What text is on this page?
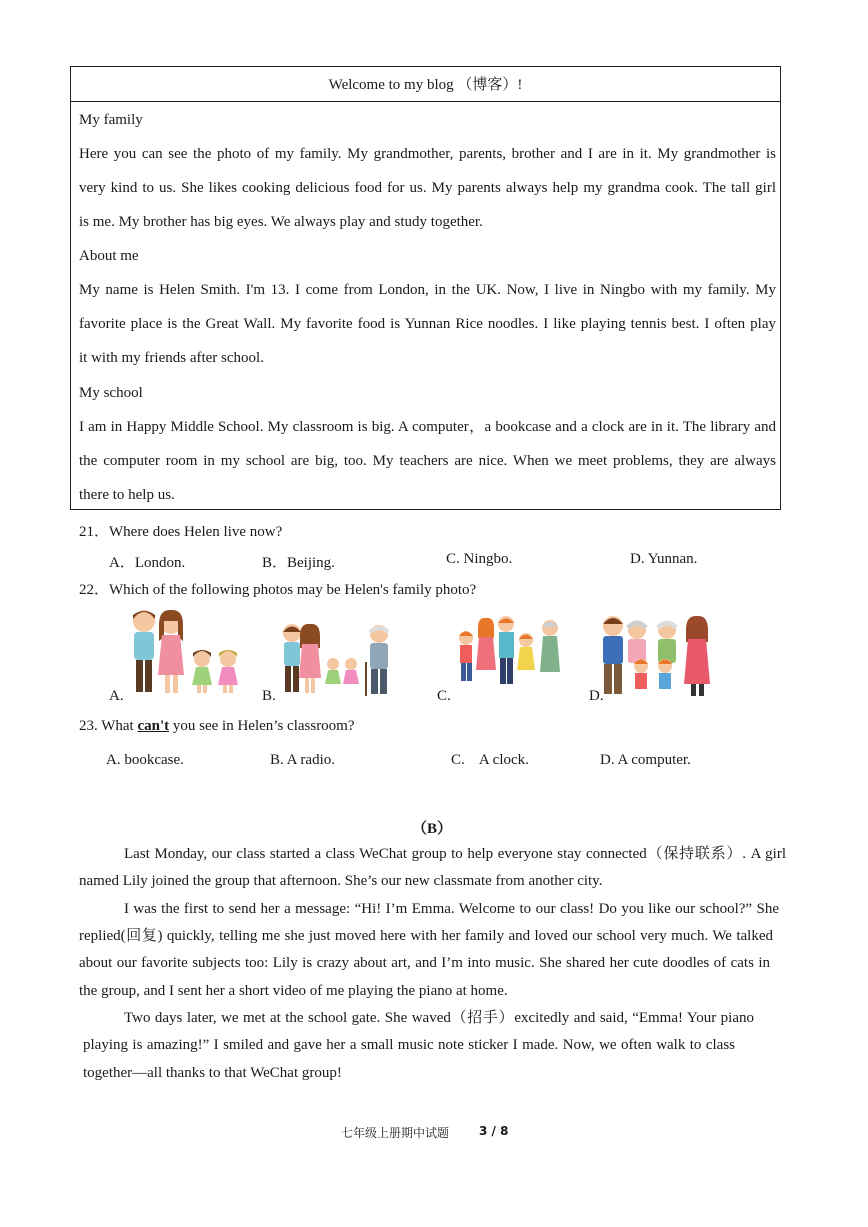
Welcome to my blog （博客）!
My family
Here you can see the photo of my family. My grandmother, parents, brother and I are in it. My grandmother is
very kind to us. She likes cooking delicious food for us. My parents always help my grandma cook. The tall girl
is me. My brother has big eyes. We always play and study together.
About me
My name is Helen Smith. I'm 13. I come from London, in the UK. Now, I live in Ningbo with my family. My
favorite place is the Great Wall. My favorite food is Yunnan Rice noodles. I like playing tennis best. I often play
it with my friends after school.
My school
I am in Happy Middle School. My classroom is big. A computer，a bookcase and a clock are in it. The library and
the computer room in my school are big, too. My teachers are nice. When we meet problems, they are always
there to help us.
21．Where does Helen live now?
A．London.	B．Beijing.	C. Ningbo.	D. Yunnan.
22．Which of the following photos may be Helen's family photo?
A.	B.	C.	D.
23. What can't you see in Helen’s classroom?
A. bookcase.	B. A radio.	C.    A clock.	D. A computer.
（B）
Last Monday, our class started a class WeChat group to help everyone stay connected（保持联系）. A girl
named Lily joined the group that afternoon. She’s our new classmate from another city.
I was the first to send her a message: “Hi! I’m Emma. Welcome to our class! Do you like our school?” She
replied(回复) quickly, telling me she just moved here with her family and loved our school very much. We talked
about our favorite subjects too: Lily is crazy about art, and I’m into music. She shared her cute doodles of cats in
the group, and I sent her a short video of me playing the piano at home.
Two days later, we met at the school gate. She waved（招手）excitedly and said, “Emma! Your piano
playing is amazing!” I smiled and gave her a small music note sticker I made. Now, we often walk to class
together—all thanks to that WeChat group!
七年级上册期中试题 3 / 8
